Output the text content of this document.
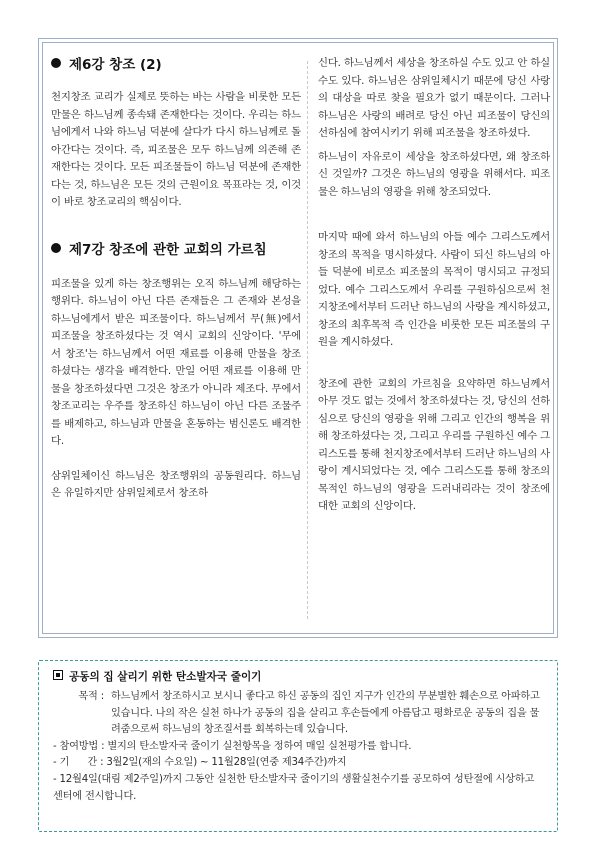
제6강 창조 (2)

천지창조 교리가 실제로 뜻하는 바는 사람을 비롯한 모든 만물은 하느님께 종속돼 존재한다는 것이다. 우리는 하느님에게서 나와 하느님 덕분에 살다가 다시 하느님께로 돌아간다는 것이다. 즉, 피조물은 모두 하느님께 의존해 존재한다는 것이다. 모든 피조물들이 하느님 덕분에 존재한다는 것, 하느님은 모든 것의 근원이요 목표라는 것, 이것이 바로 창조교리의 핵심이다.

제7강 창조에 관한 교회의 가르침

피조물을 있게 하는 창조행위는 오직 하느님께 해당하는 행위다. 하느님이 아닌 다른 존재들은 그 존재와 본성을 하느님에게서 받은 피조물이다. 하느님께서 무(無)에서 피조물을 창조하셨다는 것 역시 교회의 신앙이다. '무에서 창조'는 하느님께서 어떤 재료를 이용해 만물을 창조하셨다는 생각을 배격한다. 만일 어떤 재료를 이용해 만물을 창조하셨다면 그것은 창조가 아니라 제조다. 무에서 창조교리는 우주를 창조하신 하느님이 아닌 다른 조물주를 배제하고, 하느님과 만물을 혼동하는 범신론도 배격한다.

삼위일체이신 하느님은 창조행위의 공동원리다. 하느님은 유일하지만 삼위일체로서 창조하

신다. 하느님께서 세상을 창조하실 수도 있고 안 하실 수도 있다. 하느님은 삼위일체시기 때문에 당신 사랑의 대상을 따로 찾을 필요가 없기 때문이다. 그러나 하느님은 사랑의 배려로 당신 아닌 피조물이 당신의 선하심에 참여시키기 위해 피조물을 창조하셨다.

하느님이 자유로이 세상을 창조하셨다면, 왜 창조하신 것일까? 그것은 하느님의 영광을 위해서다. 피조물은 하느님의 영광을 위해 창조되었다.

마지막 때에 와서 하느님의 아들 예수 그리스도께서 창조의 목적을 명시하셨다. 사람이 되신 하느님의 아들 덕분에 비로소 피조물의 목적이 명시되고 규정되었다. 예수 그리스도께서 우리를 구원하심으로써 천지창조에서부터 드러난 하느님의 사랑을 계시하셨고, 창조의 최후목적 즉 인간을 비롯한 모든 피조물의 구원을 계시하셨다.

창조에 관한 교회의 가르침을 요약하면 하느님께서 아무 것도 없는 것에서 창조하셨다는 것, 당신의 선하심으로 당신의 영광을 위해 그리고 인간의 행복을 위해 창조하셨다는 것, 그리고 우리를 구원하신 예수 그리스도를 통해 천지창조에서부터 드러난 하느님의 사랑이 계시되었다는 것, 예수 그리스도를 통해 창조의 목적인 하느님의 영광을 드러내리라는 것이 창조에 대한 교회의 신앙이다.

공동의 집 살리기 위한 탄소발자국 줄이기
목적 : 하느님께서 창조하시고 보시니 좋다고 하신 공동의 집인 지구가 인간의 무분별한 훼손으로 아파하고 있습니다. 나의 작은 실천 하나가 공동의 집을 살리고 후손들에게 아름답고 평화로운 공동의 집을 물려줌으로써 하느님의 창조질서를 회복하는데 있습니다.
- 참여방법 : 별지의 탄소발자국 줄이기 실천항목을 정하여 매일 실천평가를 합니다.
- 기      간 : 3월2일(재의 수요일) ~ 11월28일(연중 제34주간)까지
- 12월4일(대림 제2주일)까지 그동안 실천한 탄소발자국 줄이기의 생활실천수기를 공모하여 성탄절에 시상하고 센터에 전시합니다.
